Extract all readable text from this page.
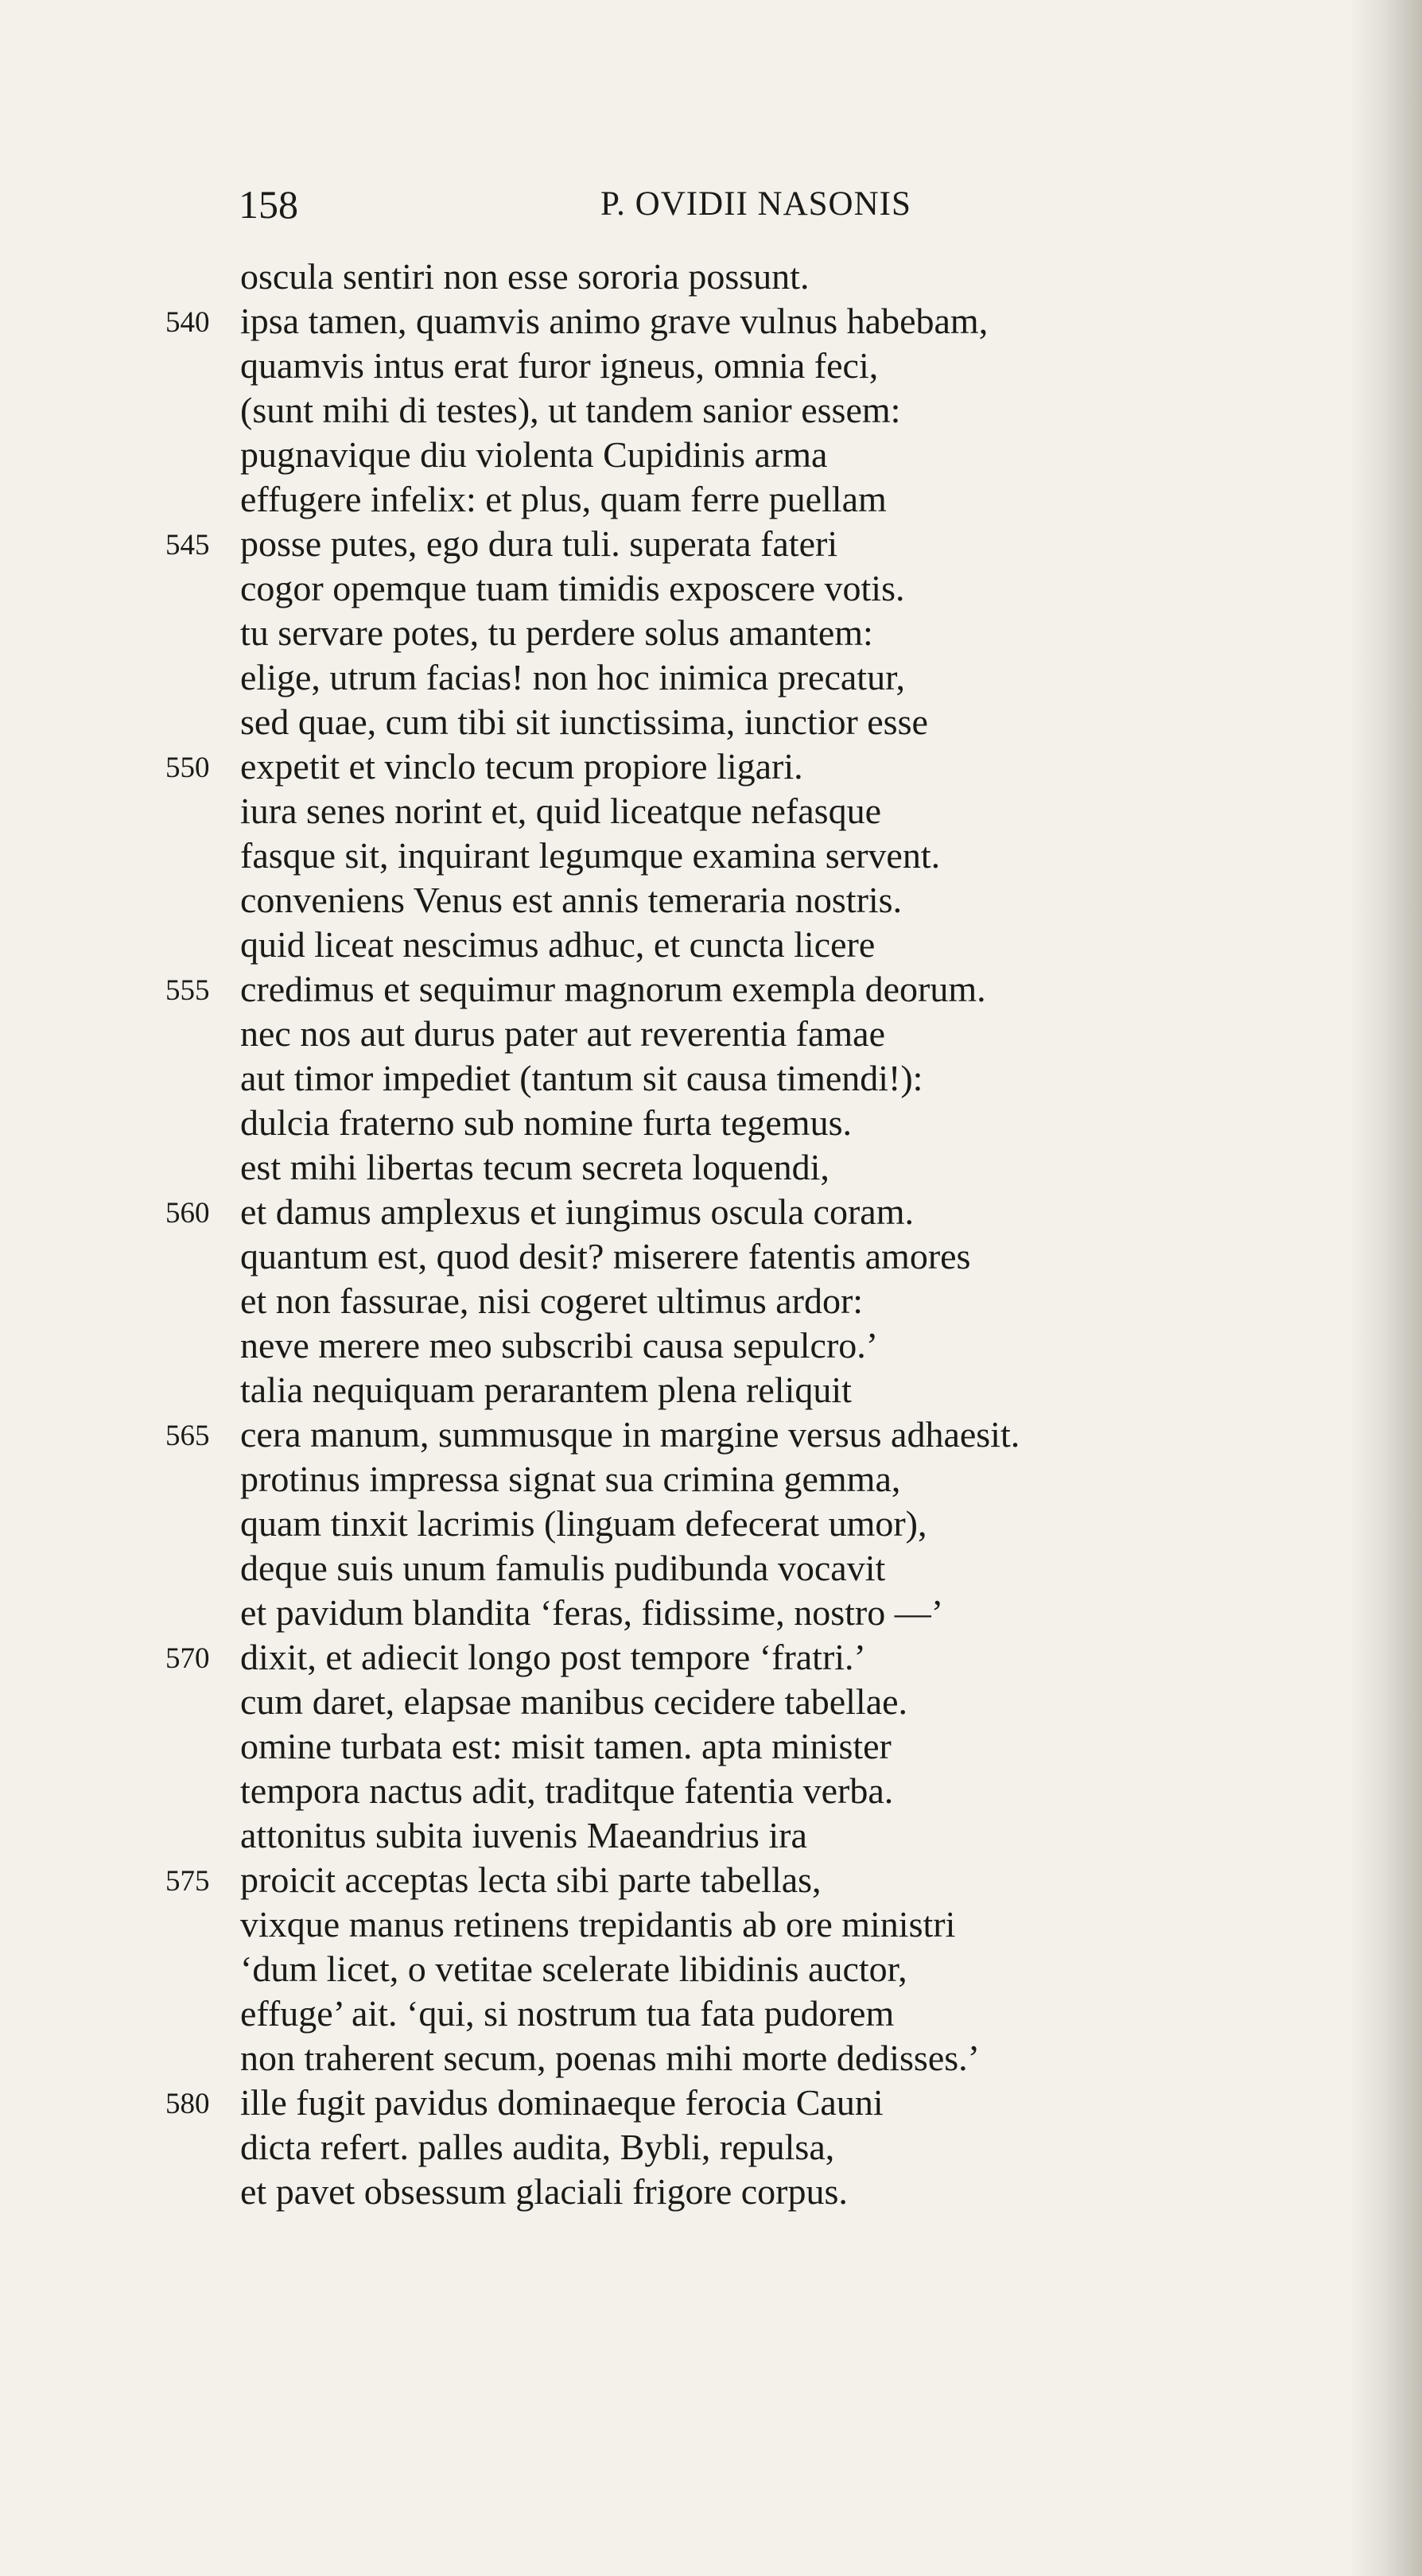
158	P. OVIDII NASONIS
oscula sentiri non esse sororia possunt.
540 ipsa tamen, quamvis animo grave vulnus habebam,
quamvis intus erat furor igneus, omnia feci,
(sunt mihi di testes), ut tandem sanior essem:
pugnavique diu violenta Cupidinis arma
effugere infelix: et plus, quam ferre puellam
545 posse putes, ego dura tuli. superata fateri
cogor opemque tuam timidis exposcere votis.
tu servare potes, tu perdere solus amantem:
elige, utrum facias! non hoc inimica precatur,
sed quae, cum tibi sit iunctissima, iunctior esse
550 expetit et vinclo tecum propiore ligari.
iura senes norint et, quid liceatque nefasque
fasque sit, inquirant legumque examina servent.
conveniens Venus est annis temeraria nostris.
quid liceat nescimus adhuc, et cuncta licere
555 credimus et sequimur magnorum exempla deorum.
nec nos aut durus pater aut reverentia famae
aut timor impediet (tantum sit causa timendi!):
dulcia fraterno sub nomine furta tegemus.
est mihi libertas tecum secreta loquendi,
560 et damus amplexus et iungimus oscula coram.
quantum est, quod desit? miserere fatentis amores
et non fassurae, nisi cogeret ultimus ardor:
neve merere meo subscribi causa sepulcro.’
talia nequiquam perarantem plena reliquit
565 cera manum, summusque in margine versus adhaesit.
protinus impressa signat sua crimina gemma,
quam tinxit lacrimis (linguam defecerat umor),
deque suis unum famulis pudibunda vocavit
et pavidum blandita ‘feras, fidissime, nostro —’
570 dixit, et adiecit longo post tempore ‘fratri.’
cum daret, elapsae manibus cecidere tabellae.
omine turbata est: misit tamen. apta minister
tempora nactus adit, traditque fatentia verba.
attonitus subita iuvenis Maeandrius ira
575 proicit acceptas lecta sibi parte tabellas,
vixque manus retinens trepidantis ab ore ministri
‘dum licet, o vetitae scelerate libidinis auctor,
effuge’ ait. ‘qui, si nostrum tua fata pudorem
non traherent secum, poenas mihi morte dedisses.’
580 ille fugit pavidus dominaeque ferocia Cauni
dicta refert. palles audita, Bybli, repulsa,
et pavet obsessum glaciali frigore corpus.
